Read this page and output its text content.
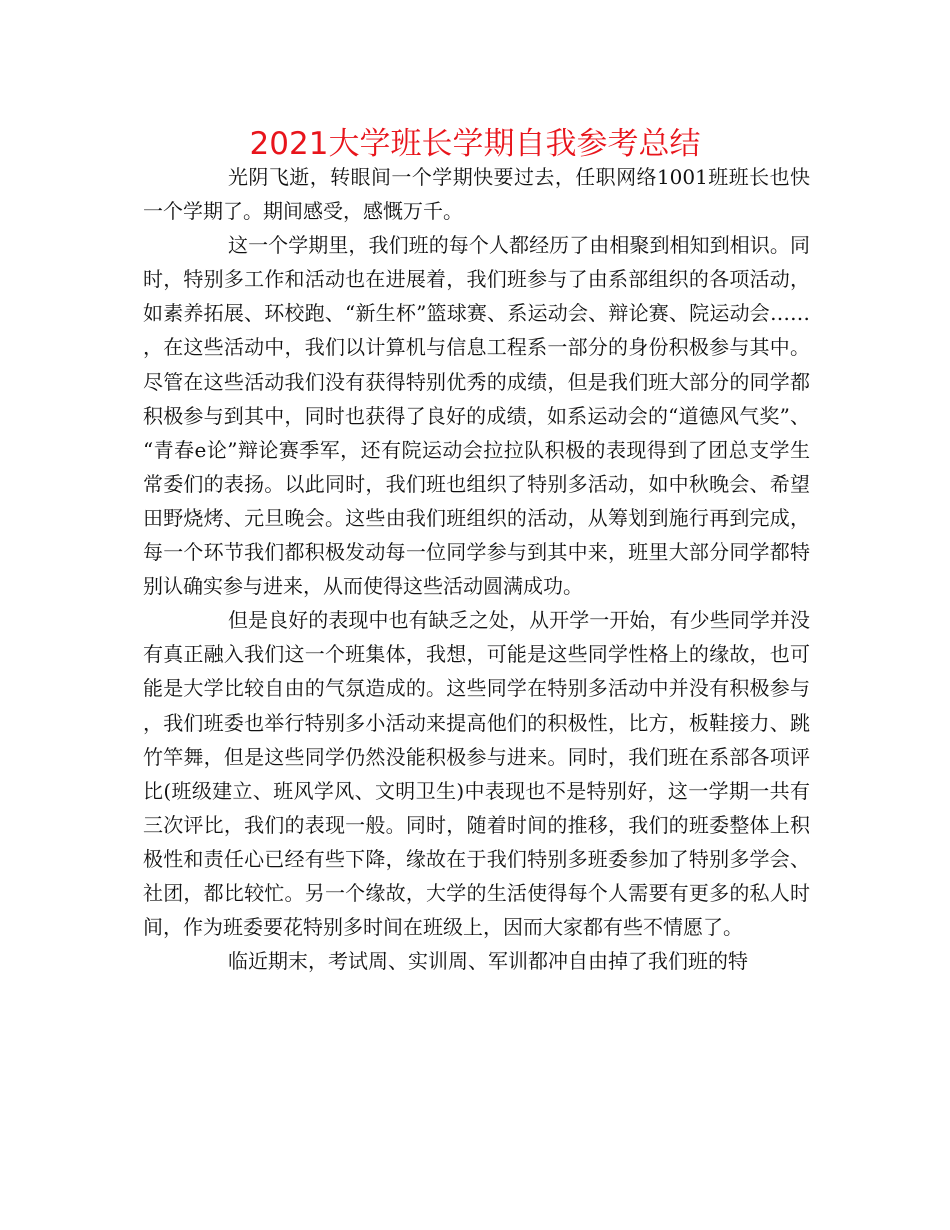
2021大学班长学期自我参考总结

光阴飞逝，转眼间一个学期快要过去，任职网络1001班班长也快一个学期了。期间感受，感慨万千。

这一个学期里，我们班的每个人都经历了由相聚到相知到相识。同时，特别多工作和活动也在进展着，我们班参与了由系部组织的各项活动，如素养拓展、环校跑、“新生杯”篮球赛、系运动会、辩论赛、院运动会……，在这些活动中，我们以计算机与信息工程系一部分的身份积极参与其中。尽管在这些活动我们没有获得特别优秀的成绩，但是我们班大部分的同学都积极参与到其中，同时也获得了良好的成绩，如系运动会的“道德风气奖”、“青春e论”辩论赛季军，还有院运动会拉拉队积极的表现得到了团总支学生常委们的表扬。以此同时，我们班也组织了特别多活动，如中秋晚会、希望田野烧烤、元旦晚会。这些由我们班组织的活动，从筹划到施行再到完成，每一个环节我们都积极发动每一位同学参与到其中来，班里大部分同学都特别认确实参与进来，从而使得这些活动圆满成功。

但是良好的表现中也有缺乏之处，从开学一开始，有少些同学并没有真正融入我们这一个班集体，我想，可能是这些同学性格上的缘故，也可能是大学比较自由的气氛造成的。这些同学在特别多活动中并没有积极参与，我们班委也举行特别多小活动来提高他们的积极性，比方，板鞋接力、跳竹竿舞，但是这些同学仍然没能积极参与进来。同时，我们班在系部各项评比(班级建立、班风学风、文明卫生)中表现也不是特别好，这一学期一共有三次评比，我们的表现一般。同时，随着时间的推移，我们的班委整体上积极性和责任心已经有些下降，缘故在于我们特别多班委参加了特别多学会、社团，都比较忙。另一个缘故，大学的生活使得每个人需要有更多的私人时间，作为班委要花特别多时间在班级上，因而大家都有些不情愿了。

临近期末，考试周、实训周、军训都冲自由掉了我们班的特
